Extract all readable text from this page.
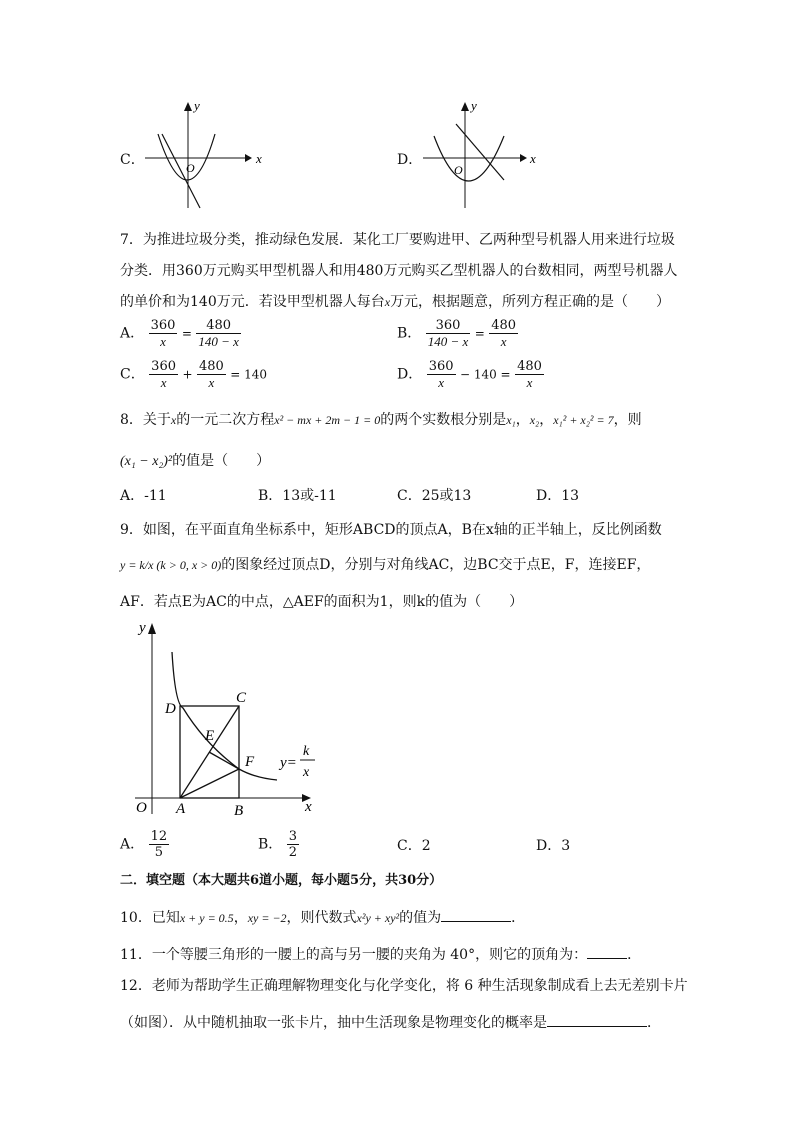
C．	x
y
O	D．	x
y
O
7．为推进垃圾分类，推动绿色发展．某化工厂要购进甲、乙两种型号机器人用来进行垃圾
分类．用360万元购买甲型机器人和用480万元购买乙型机器人的台数相同，两型号机器人
的单价和为140万元．若设甲型机器人每台x万元，根据题意，所列方程正确的是（　　）
A． $\frac{360}{x} = \frac{480}{140 - x}$	B． $\frac{360}{140 - x} = \frac{480}{x}$
C． $\frac{360}{x} + \frac{480}{x} = 140$	D． $\frac{360}{x} - 140 = \frac{480}{x}$
8．关于x的一元二次方程x² − mx + 2m − 1 = 0的两个实数根分别是x₁，x₂，x₁² + x₂² = 7，则
(x₁ − x₂)²的值是（　　）
A．-11	B．13或-11	C．25或13	D．13
9．如图，在平面直角坐标系中，矩形ABCD的顶点A，B在x轴的正半轴上，反比例函数
y = k/x (k > 0, x > 0)的图象经过顶点D，分别与对角线AC，边BC交于点E，F，连接EF，
AF．若点E为AC的中点，△AEF的面积为1，则k的值为（　　）
y
x
O A	B
C
D
E
F y=
k
x
A． $\frac{12}{5}$	B． $\frac{3}{2}$	C．2	D．3
二．填空题（本大题共6道小题，每小题5分，共30分）
10．已知x + y = 0.5，xy = −2，则代数式x²y + xy²的值为	．
11．一个等腰三角形的一腰上的高与另一腰的夹角为 40°，则它的顶角为：	．
12．老师为帮助学生正确理解物理变化与化学变化，将 6 种生活现象制成看上去无差别卡片
（如图）．从中随机抽取一张卡片，抽中生活现象是物理变化的概率是	．
